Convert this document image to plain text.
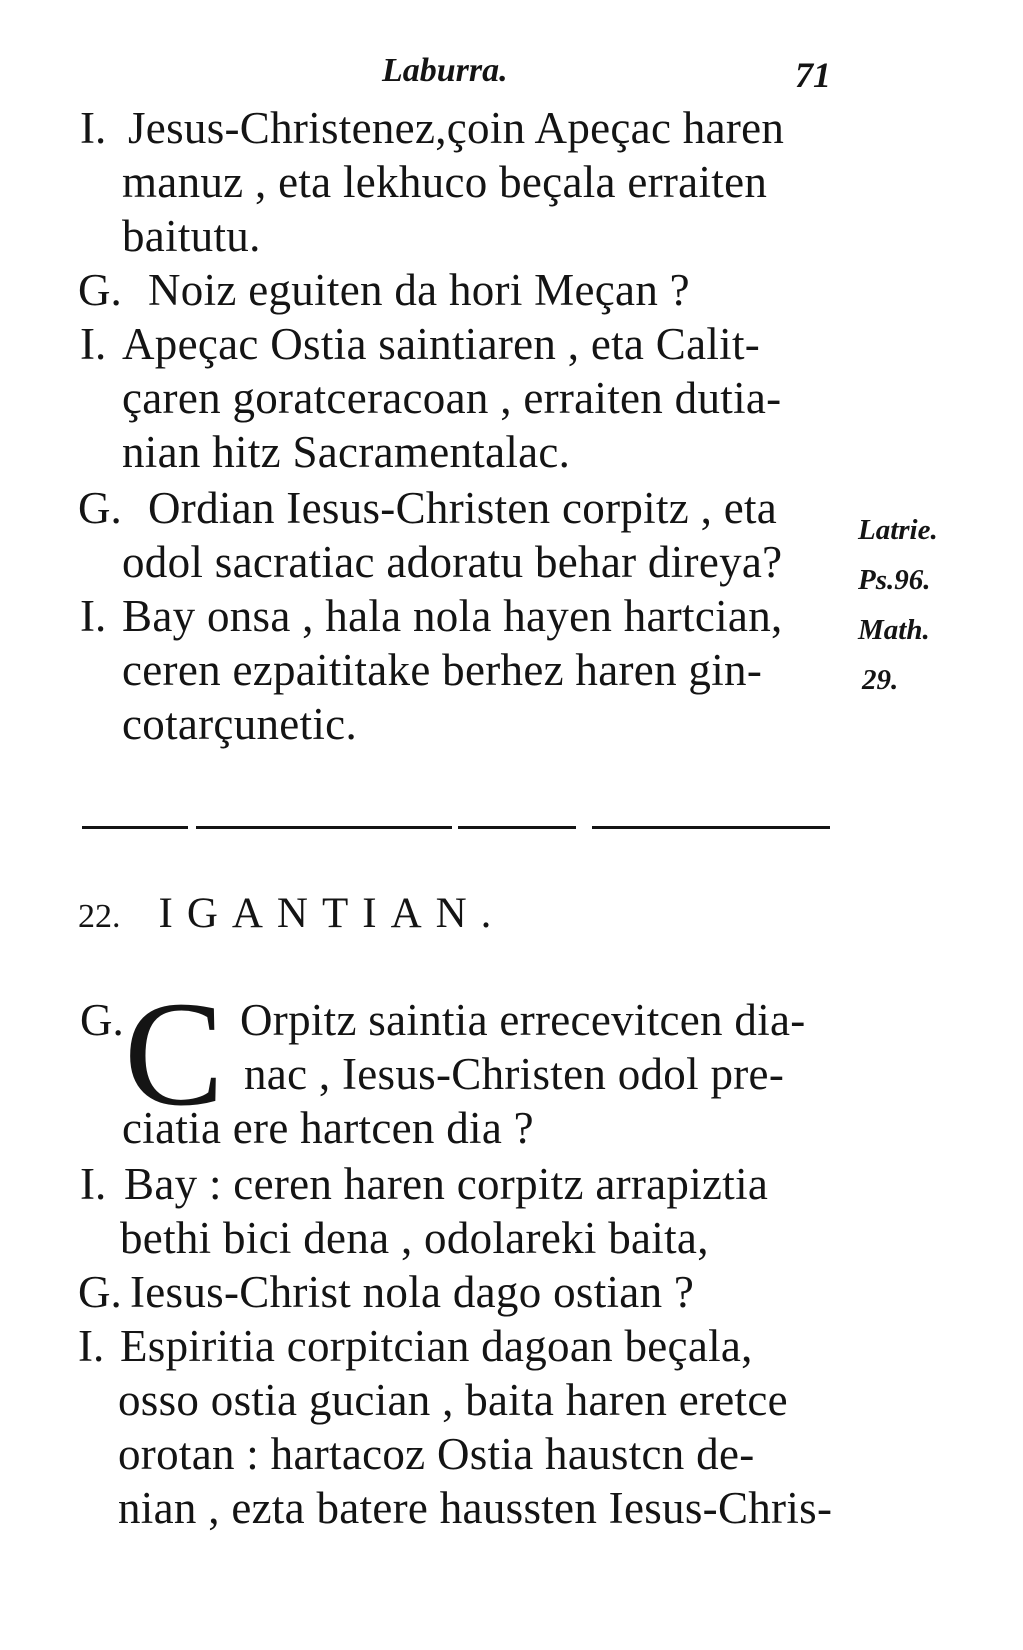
Laburra.	71
I. Jesus-Christenez,çoin Apeçac haren
manuz , eta lekhuco beçala erraiten
baitutu.
G. Noiz eguiten da hori Meçan ?
I. Apeçac Ostia saintiaren , eta Calit-
çaren goratceracoan , erraiten dutia-
nian hitz Sacramentalac.
G. Ordian Iesus-Christen corpitz , eta
odol sacratiac adoratu behar direya?
I. Bay onsa , hala nola hayen hartcian,
ceren ezpaititake berhez haren gin-
cotarçunetic.
Latrie.
Ps.96.
Math.
29.
22. IGANTIAN.
G. C Orpitz saintia errecevitcen dia-
nac , Iesus-Christen odol pre-
ciatia ere hartcen dia ?
I. Bay : ceren haren corpitz arrapiztia
bethi bici dena , odolareki baita,
G. Iesus-Christ nola dago ostian ?
I. Espiritia corpitcian dagoan beçala,
osso ostia gucian , baita haren eretce
orotan : hartacoz Ostia haustcn de-
nian , ezta batere haussten Iesus-Chris-
